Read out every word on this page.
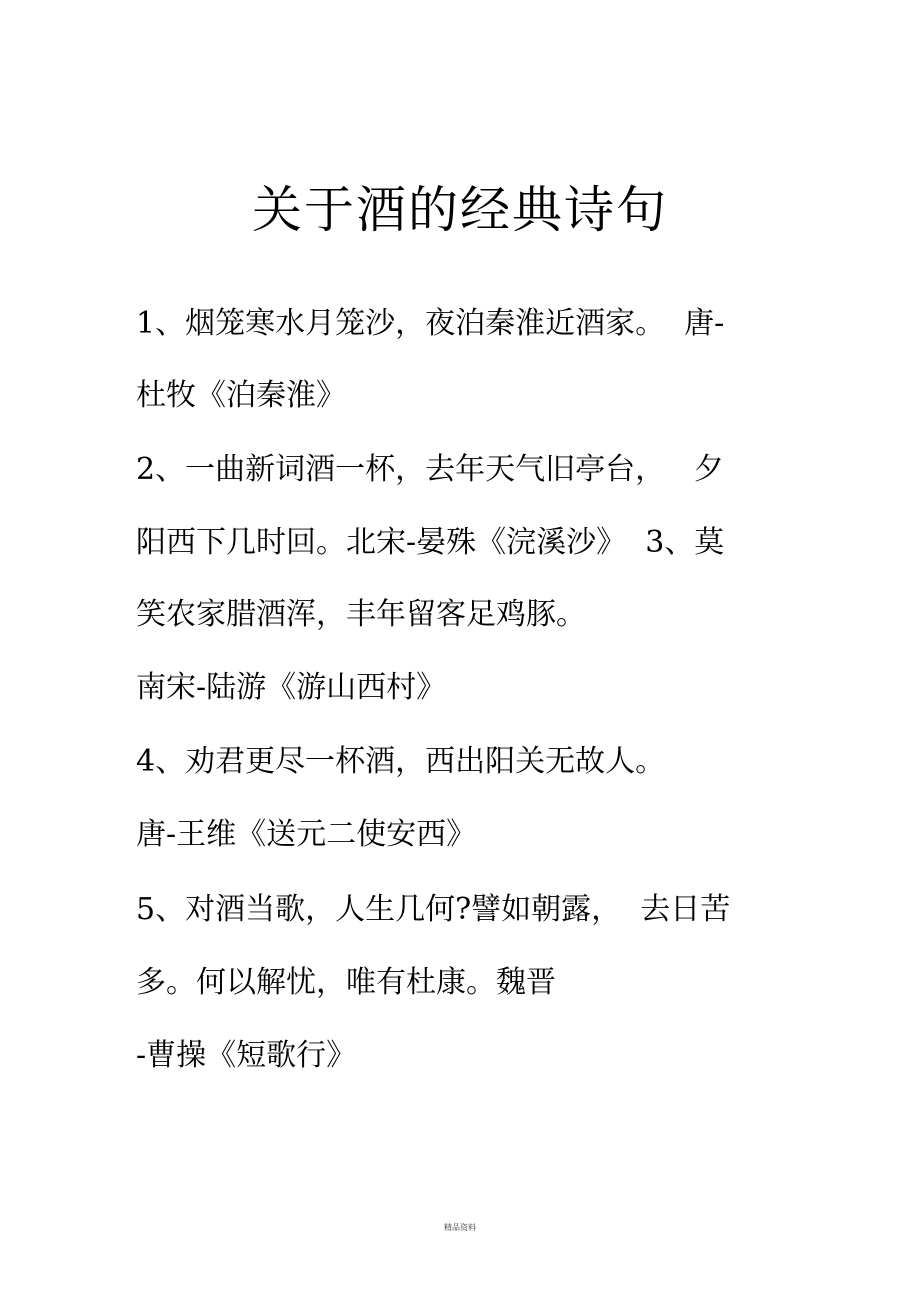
关于酒的经典诗句
1、烟笼寒水月笼沙，夜泊秦淮近酒家。  唐-
杜牧《泊秦淮》
2、一曲新词酒一杯，去年天气旧亭台，   夕
阳西下几时回。北宋-晏殊《浣溪沙》  3、莫
笑农家腊酒浑，丰年留客足鸡豚。
南宋-陆游《游山西村》
4、劝君更尽一杯酒，西出阳关无故人。
唐-王维《送元二使安西》
5、对酒当歌，人生几何?譬如朝露，  去日苦
多。何以解忧，唯有杜康。魏晋
-曹操《短歌行》
精品资料
